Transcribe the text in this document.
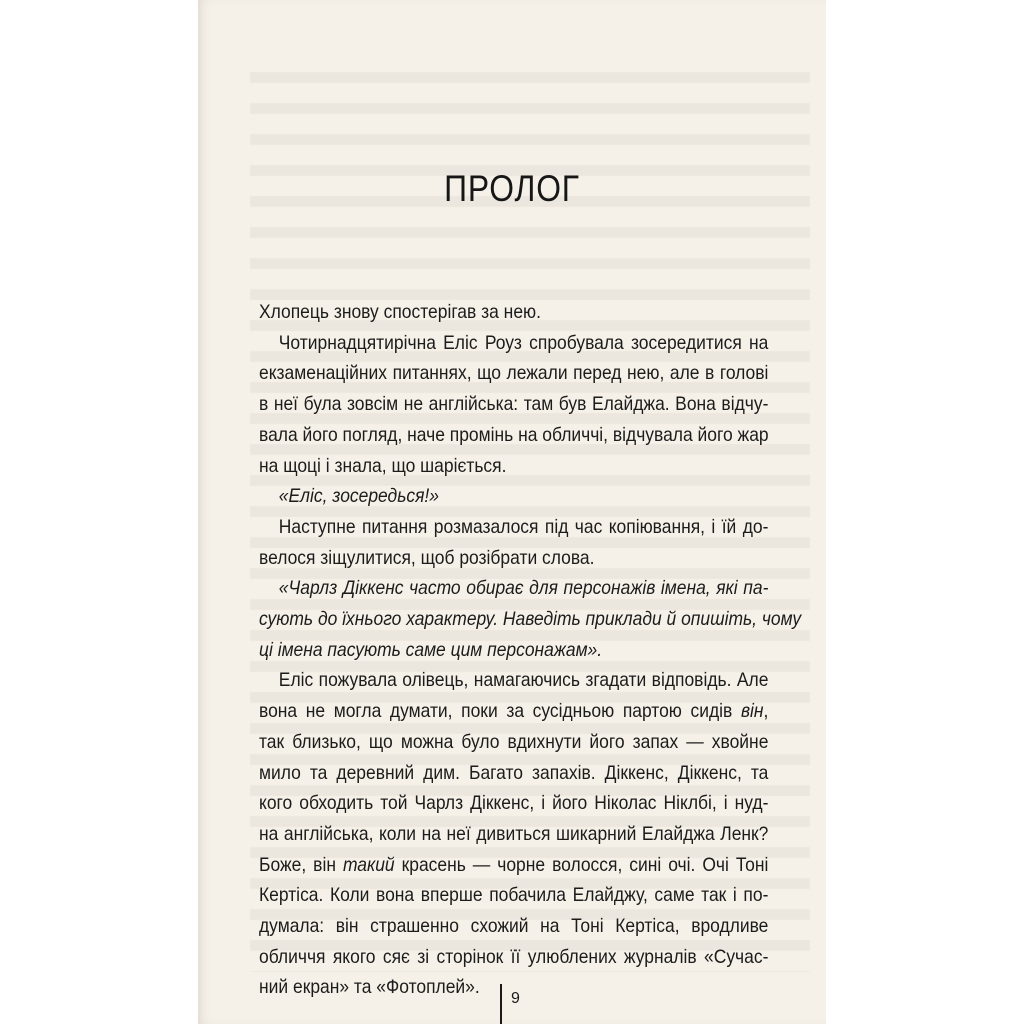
ПРОЛОГ
Хлопець знову спостерігав за нею.
Чотирнадцятирічна Еліс Роуз спробувала зосередитися на
екзаменаційних питаннях, що лежали перед нею, але в голові
в неї була зовсім не англійська: там був Елайджа. Вона відчу-
вала його погляд, наче промінь на обличчі, відчувала його жар
на щоці і знала, що шаріється.
«Еліс, зосередься!»
Наступне питання розмазалося під час копіювання, і їй до-
велося зіщулитися, щоб розібрати слова.
«Чарлз Діккенс часто обирає для персонажів імена, які па-
сують до їхнього характеру. Наведіть приклади й опишіть, чому
ці імена пасують саме цим персонажам».
Еліс пожувала олівець, намагаючись згадати відповідь. Але
вона не могла думати, поки за сусідньою партою сидів він,
так близько, що можна було вдихнути його запах — хвойне
мило та деревний дим. Багато запахів. Діккенс, Діккенс, та
кого обходить той Чарлз Діккенс, і його Ніколас Ніклбі, і нуд-
на англійська, коли на неї дивиться шикарний Елайджа Ленк?
Боже, він такий красень — чорне волосся, сині очі. Очі Тоні
Кертіса. Коли вона вперше побачила Елайджу, саме так і по-
думала: він страшенно схожий на Тоні Кертіса, вродливе
обличчя якого сяє зі сторінок її улюблених журналів «Сучас-
ний екран» та «Фотоплей».
9
